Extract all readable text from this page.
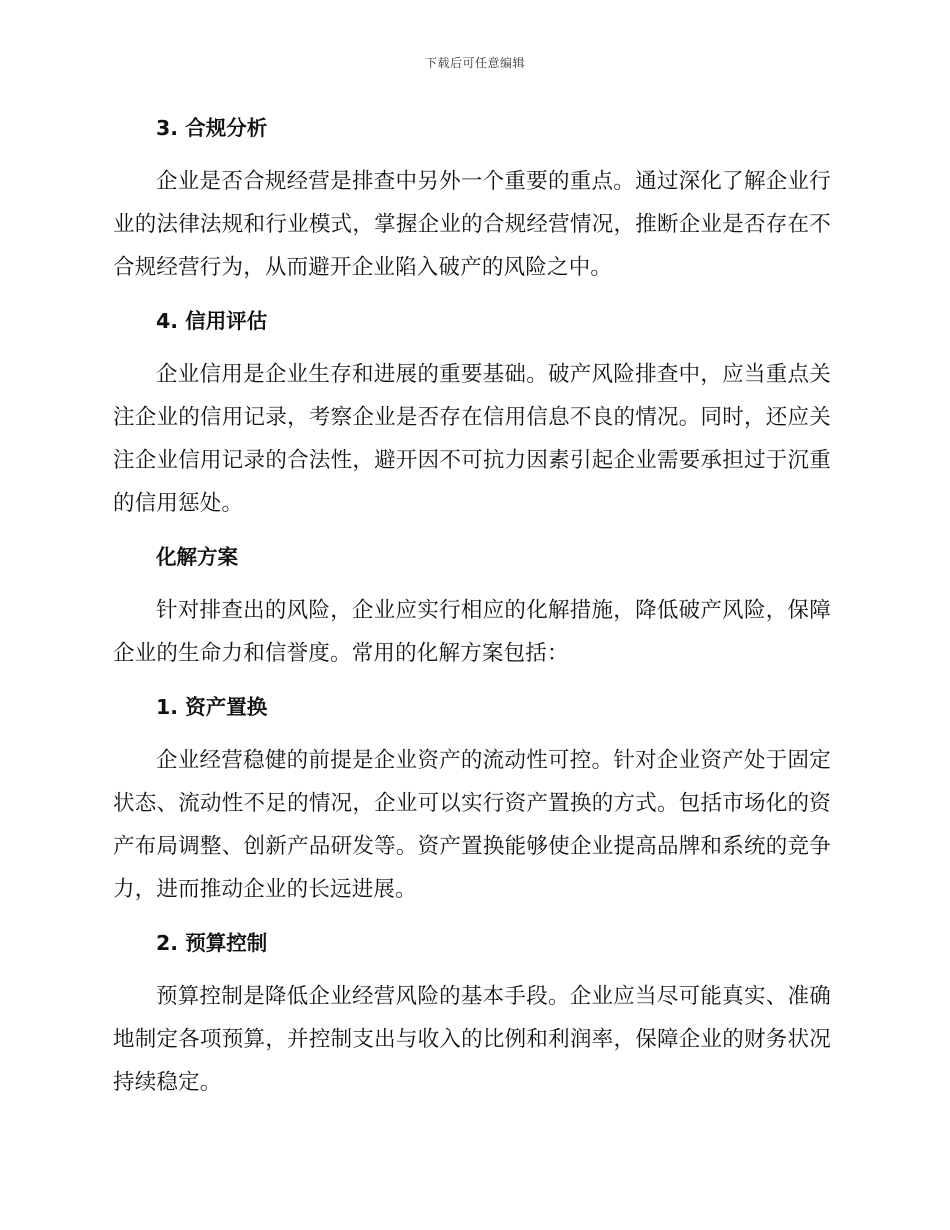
下载后可任意编辑
3. 合规分析

企业是否合规经营是排查中另外一个重要的重点。通过深化了解企业行业的法律法规和行业模式，掌握企业的合规经营情况，推断企业是否存在不合规经营行为，从而避开企业陷入破产的风险之中。

4. 信用评估

企业信用是企业生存和进展的重要基础。破产风险排查中，应当重点关注企业的信用记录，考察企业是否存在信用信息不良的情况。同时，还应关注企业信用记录的合法性，避开因不可抗力因素引起企业需要承担过于沉重的信用惩处。

化解方案

针对排查出的风险，企业应实行相应的化解措施，降低破产风险，保障企业的生命力和信誉度。常用的化解方案包括：

1. 资产置换

企业经营稳健的前提是企业资产的流动性可控。针对企业资产处于固定状态、流动性不足的情况，企业可以实行资产置换的方式。包括市场化的资产布局调整、创新产品研发等。资产置换能够使企业提高品牌和系统的竞争力，进而推动企业的长远进展。

2. 预算控制

预算控制是降低企业经营风险的基本手段。企业应当尽可能真实、准确地制定各项预算，并控制支出与收入的比例和利润率，保障企业的财务状况持续稳定。
